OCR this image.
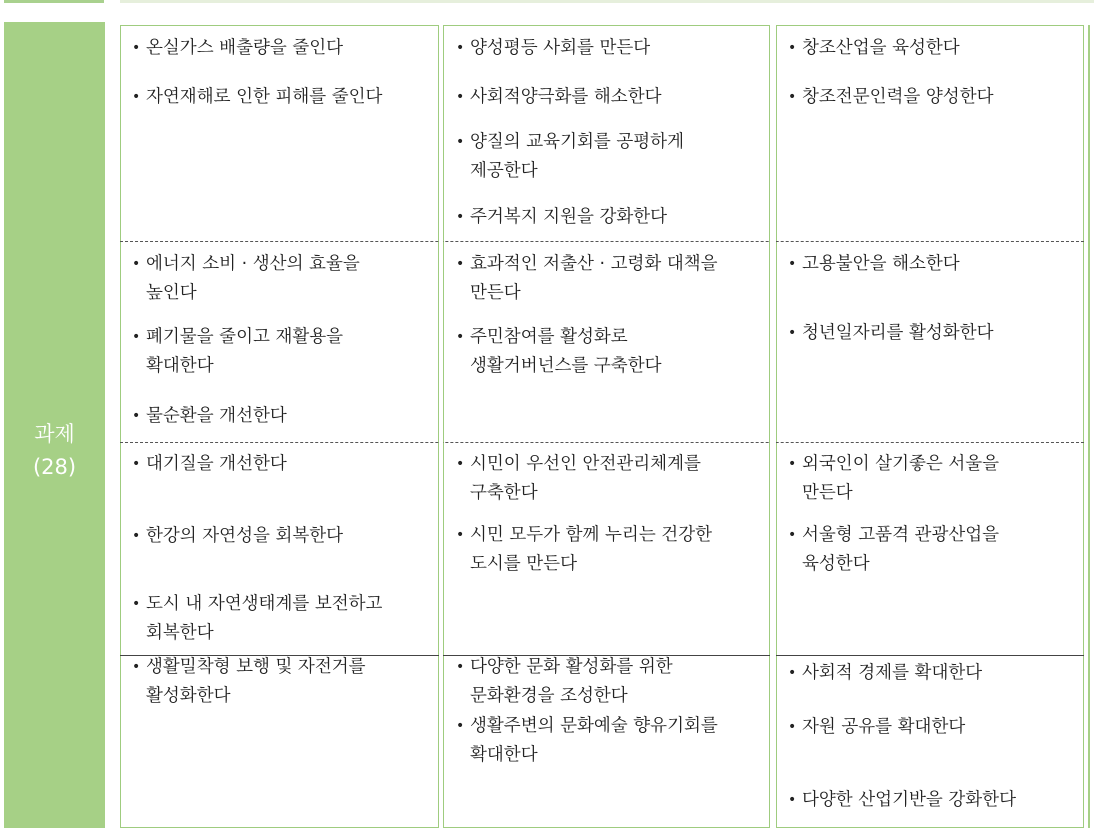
과제
(28)
• 온실가스 배출량을 줄인다
• 자연재해로 인한 피해를 줄인다
• 양성평등 사회를 만든다
• 사회적양극화를 해소한다
• 양질의 교육기회를 공평하게
제공한다
• 주거복지 지원을 강화한다
• 창조산업을 육성한다
• 창조전문인력을 양성한다
• 에너지 소비 · 생산의 효율을
높인다
• 폐기물을 줄이고 재활용을
확대한다
• 물순환을 개선한다
• 효과적인 저출산 · 고령화 대책을
만든다
• 주민참여를 활성화로
생활거버넌스를 구축한다
• 고용불안을 해소한다
• 청년일자리를 활성화한다
• 대기질을 개선한다
• 한강의 자연성을 회복한다
• 도시 내 자연생태계를 보전하고
회복한다
• 시민이 우선인 안전관리체계를
구축한다
• 시민 모두가 함께 누리는 건강한
도시를 만든다
• 외국인이 살기좋은 서울을
만든다
• 서울형 고품격 관광산업을
육성한다
• 생활밀착형 보행 및 자전거를
활성화한다
• 다양한 문화 활성화를 위한
문화환경을 조성한다
• 생활주변의 문화예술 향유기회를
확대한다
• 사회적 경제를 확대한다
• 자원 공유를 확대한다
• 다양한 산업기반을 강화한다
